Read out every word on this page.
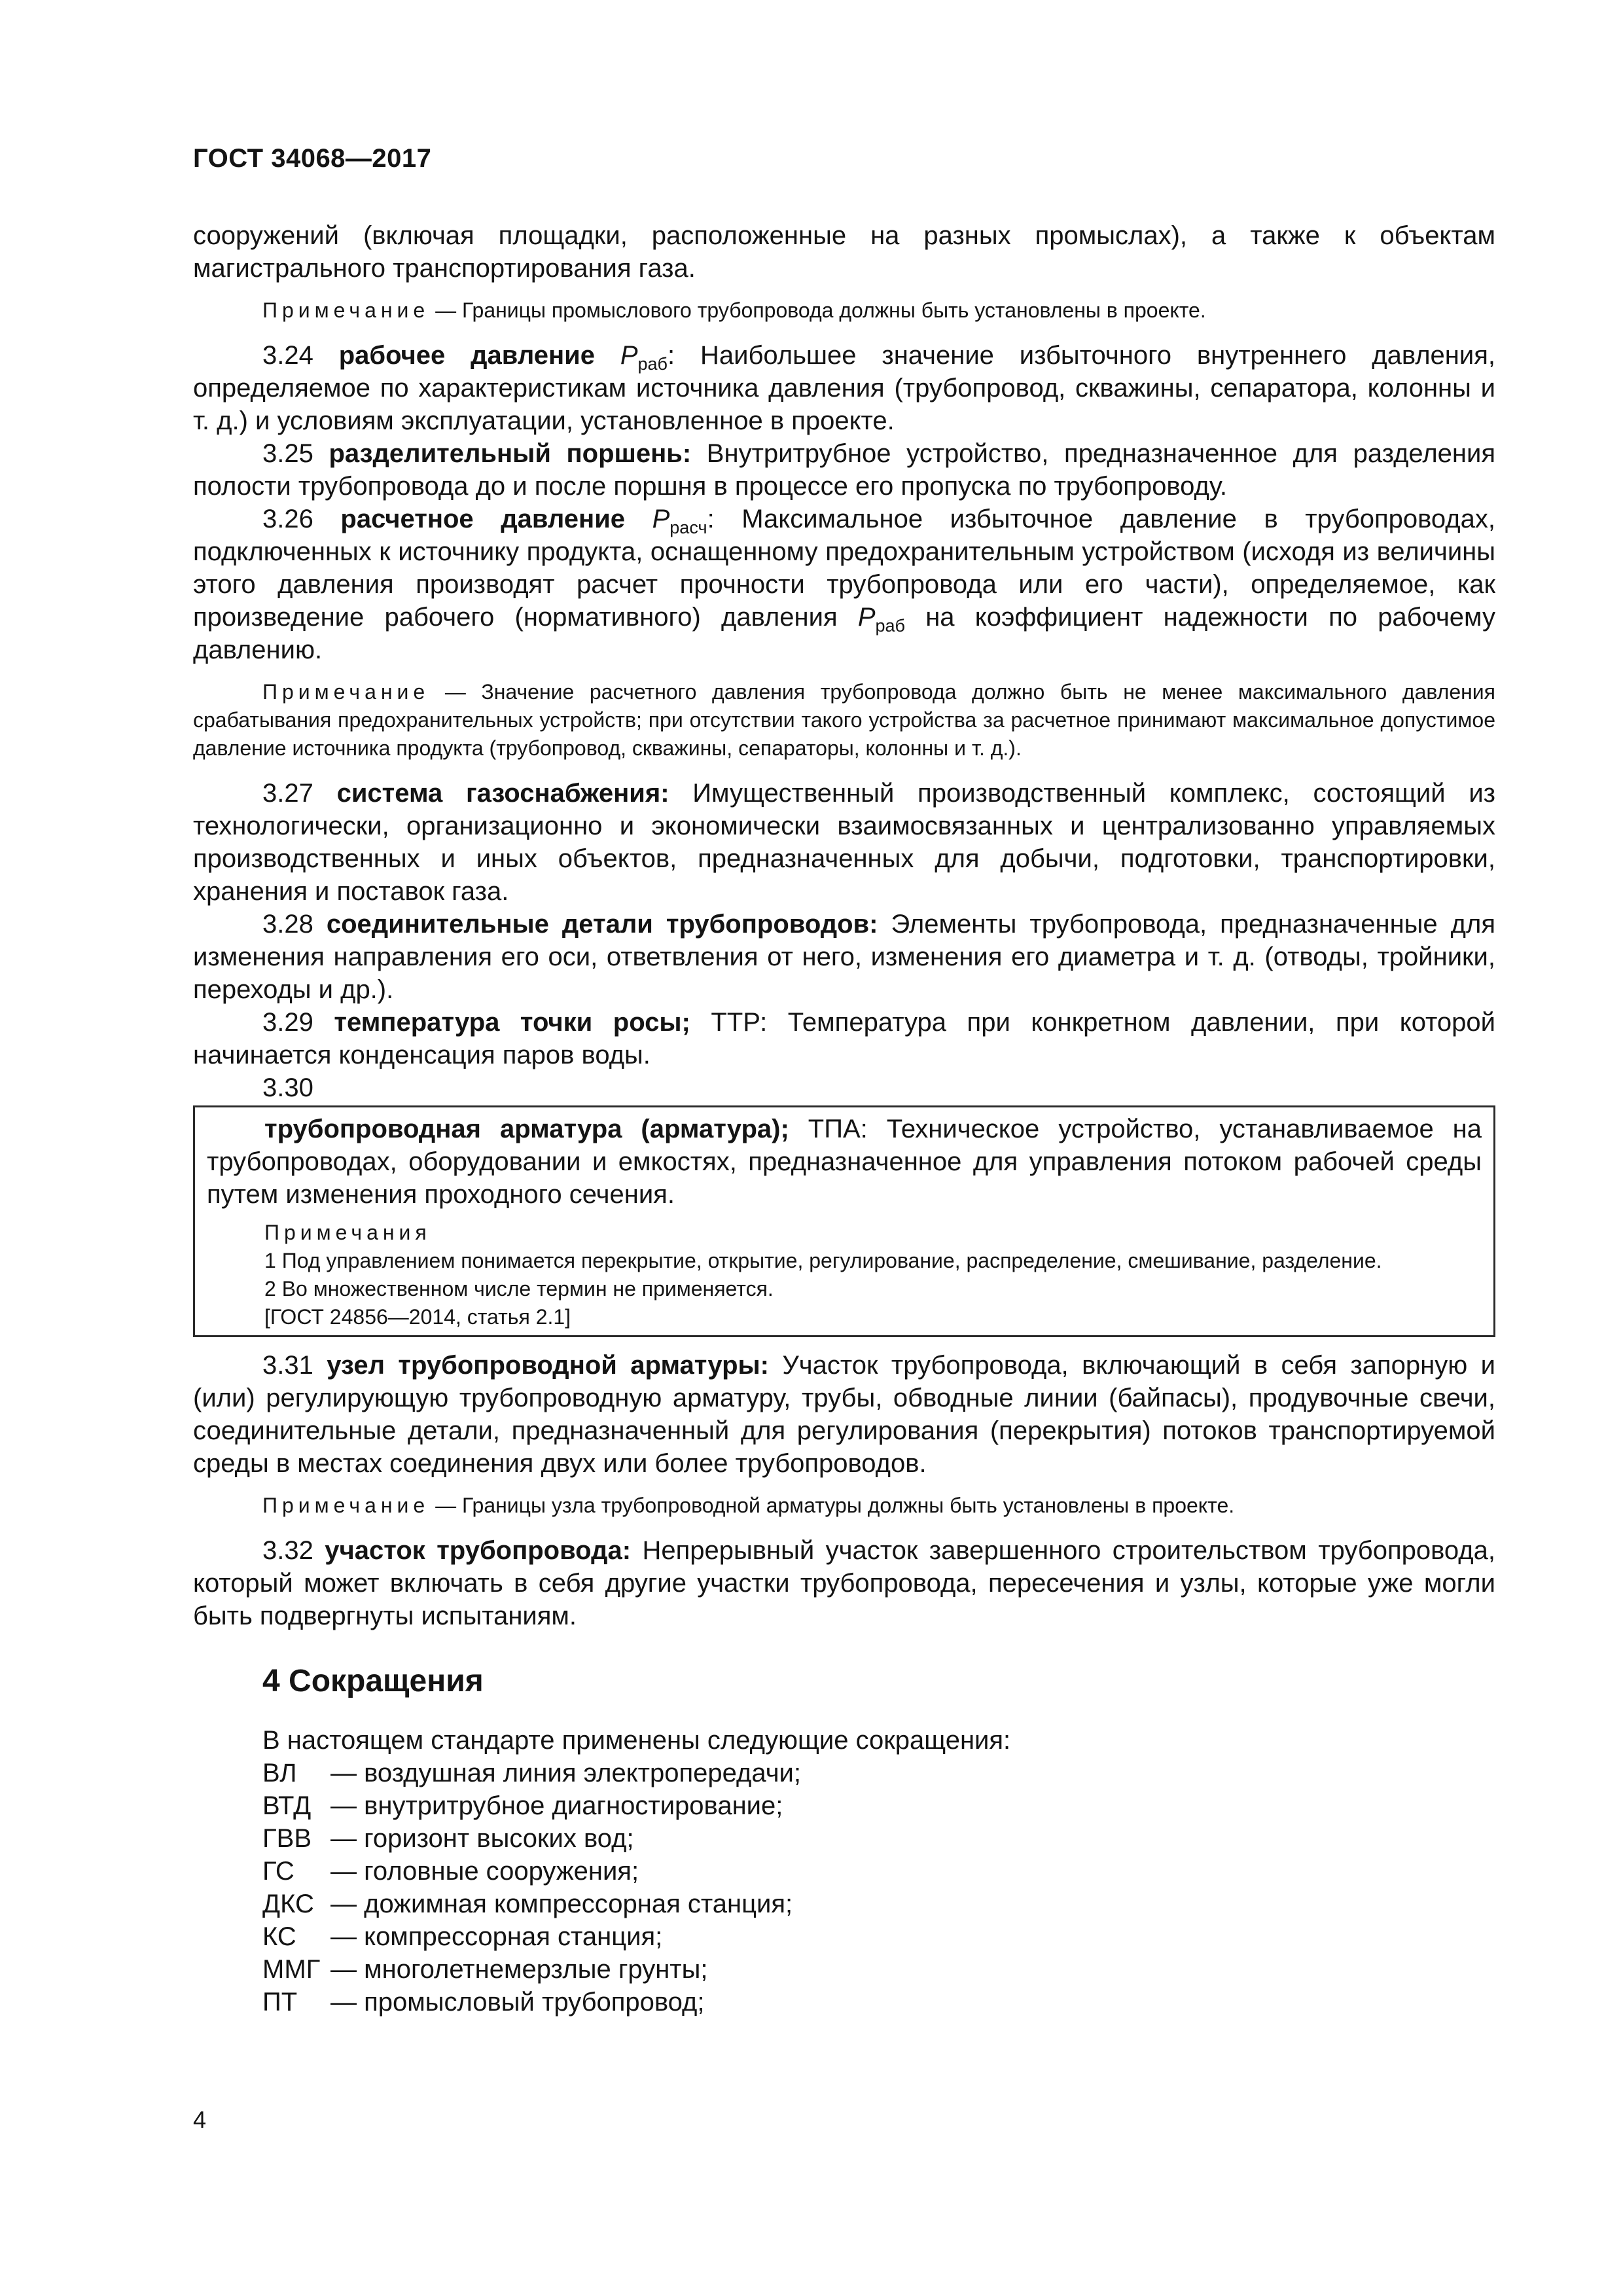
ГОСТ 34068—2017

сооружений (включая площадки, расположенные на разных промыслах), а также к объектам магистрального транспортирования газа.

Примечание — Границы промыслового трубопровода должны быть установлены в проекте.

3.24 рабочее давление $P_{раб}$: Наибольшее значение избыточного внутреннего давления, определяемое по характеристикам источника давления (трубопровод, скважины, сепаратора, колонны и т. д.) и условиям эксплуатации, установленное в проекте.

3.25 разделительный поршень: Внутритрубное устройство, предназначенное для разделения полости трубопровода до и после поршня в процессе его пропуска по трубопроводу.

3.26 расчетное давление $P_{расч}$: Максимальное избыточное давление в трубопроводах, подключенных к источнику продукта, оснащенному предохранительным устройством (исходя из величины этого давления производят расчет прочности трубопровода или его части), определяемое, как произведение рабочего (нормативного) давления $P_{раб}$ на коэффициент надежности по рабочему давлению.

Примечание — Значение расчетного давления трубопровода должно быть не менее максимального давления срабатывания предохранительных устройств; при отсутствии такого устройства за расчетное принимают максимальное допустимое давление источника продукта (трубопровод, скважины, сепараторы, колонны и т. д.).

3.27 система газоснабжения: Имущественный производственный комплекс, состоящий из технологически, организационно и экономически взаимосвязанных и централизованно управляемых производственных и иных объектов, предназначенных для добычи, подготовки, транспортировки, хранения и поставок газа.

3.28 соединительные детали трубопроводов: Элементы трубопровода, предназначенные для изменения направления его оси, ответвления от него, изменения его диаметра и т. д. (отводы, тройники, переходы и др.).

3.29 температура точки росы; ТТР: Температура при конкретном давлении, при которой начинается конденсация паров воды.

3.30

трубопроводная арматура (арматура); ТПА: Техническое устройство, устанавливаемое на трубопроводах, оборудовании и емкостях, предназначенное для управления потоком рабочей среды путем изменения проходного сечения.

Примечания

1 Под управлением понимается перекрытие, открытие, регулирование, распределение, смешивание, разделение.

2 Во множественном числе термин не применяется.

[ГОСТ 24856—2014, статья 2.1]

3.31 узел трубопроводной арматуры: Участок трубопровода, включающий в себя запорную и (или) регулирующую трубопроводную арматуру, трубы, обводные линии (байпасы), продувочные свечи, соединительные детали, предназначенный для регулирования (перекрытия) потоков транспортируемой среды в местах соединения двух или более трубопроводов.

Примечание — Границы узла трубопроводной арматуры должны быть установлены в проекте.

3.32 участок трубопровода: Непрерывный участок завершенного строительством трубопровода, который может включать в себя другие участки трубопровода, пересечения и узлы, которые уже могли быть подвергнуты испытаниям.

4 Сокращения
В настоящем стандарте применены следующие сокращения:
ВЛ	— воздушная линия электропередачи;
ВТД — внутритрубное диагностирование;
ГВВ — горизонт высоких вод;
ГС	— головные сооружения;
ДКС — дожимная компрессорная станция;
КС	— компрессорная станция;
ММГ — многолетнемерзлые грунты;
ПТ	— промысловый трубопровод;
4
